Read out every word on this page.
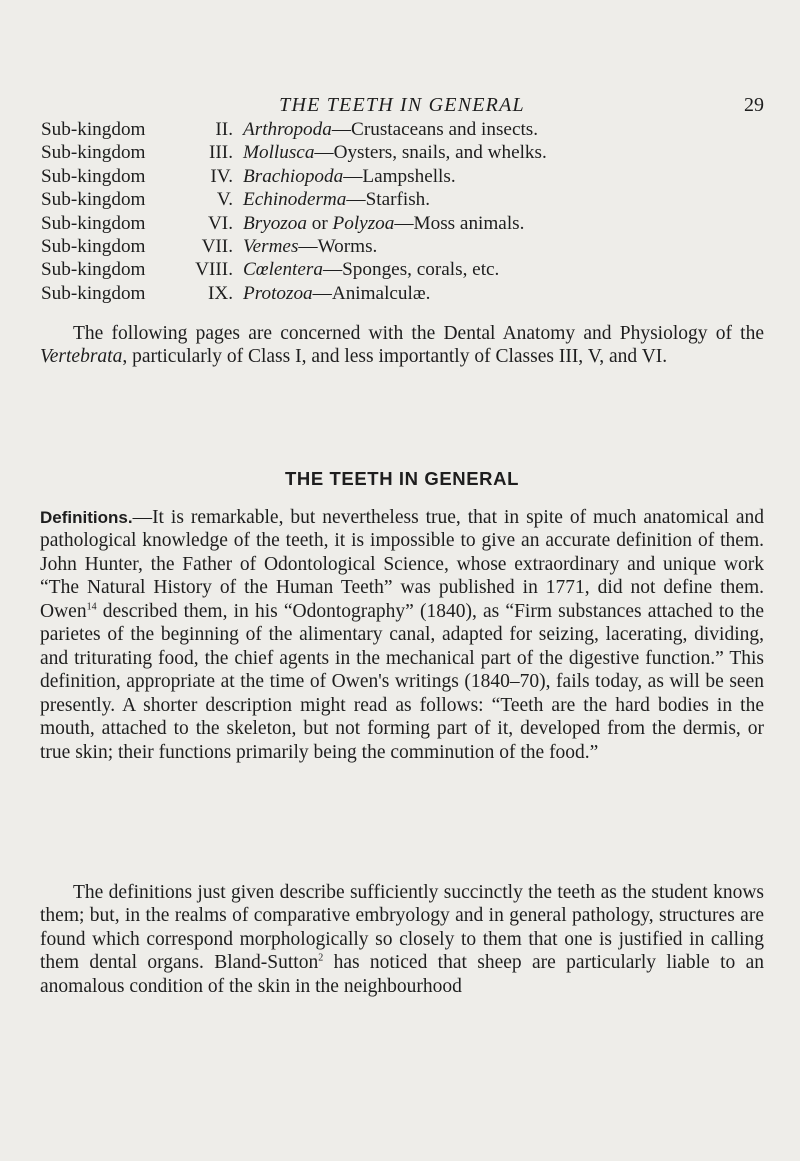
THE TEETH IN GENERAL	29
Sub-kingdom	II. Arthropoda—Crustaceans and insects.
Sub-kingdom	III. Mollusca—Oysters, snails, and whelks.
Sub-kingdom	IV. Brachiopoda—Lampshells.
Sub-kingdom	V. Echinoderma—Starfish.
Sub-kingdom	VI. Bryozoa or Polyzoa—Moss animals.
Sub-kingdom	VII. Vermes—Worms.
Sub-kingdom	VIII. Cœlentera—Sponges, corals, etc.
Sub-kingdom	IX. Protozoa—Animalculæ.

The following pages are concerned with the Dental Anatomy and Physiology of the Vertebrata, particularly of Class I, and less importantly of Classes III, V, and VI.

THE TEETH IN GENERAL

Definitions.—It is remarkable, but nevertheless true, that in spite of much anatomical and pathological knowledge of the teeth, it is impossible to give an accurate definition of them. John Hunter, the Father of Odontological Science, whose extraordinary and unique work “The Natural History of the Human Teeth” was published in 1771, did not define them. Owen$^{14}$ described them, in his “Odontography” (1840), as “Firm substances attached to the parietes of the beginning of the alimentary canal, adapted for seizing, lacerating, dividing, and triturating food, the chief agents in the mechanical part of the digestive function.” This definition, appropriate at the time of Owen's writings (1840–70), fails today, as will be seen presently. A shorter description might read as follows: “Teeth are the hard bodies in the mouth, attached to the skeleton, but not forming part of it, developed from the dermis, or true skin; their functions primarily being the comminution of the food.”

The definitions just given describe sufficiently succinctly the teeth as the student knows them; but, in the realms of comparative embryology and in general pathology, structures are found which correspond morphologically so closely to them that one is justified in calling them dental organs. Bland-Sutton$^2$ has noticed that sheep are particularly liable to an anomalous condition of the skin in the neighbourhood
